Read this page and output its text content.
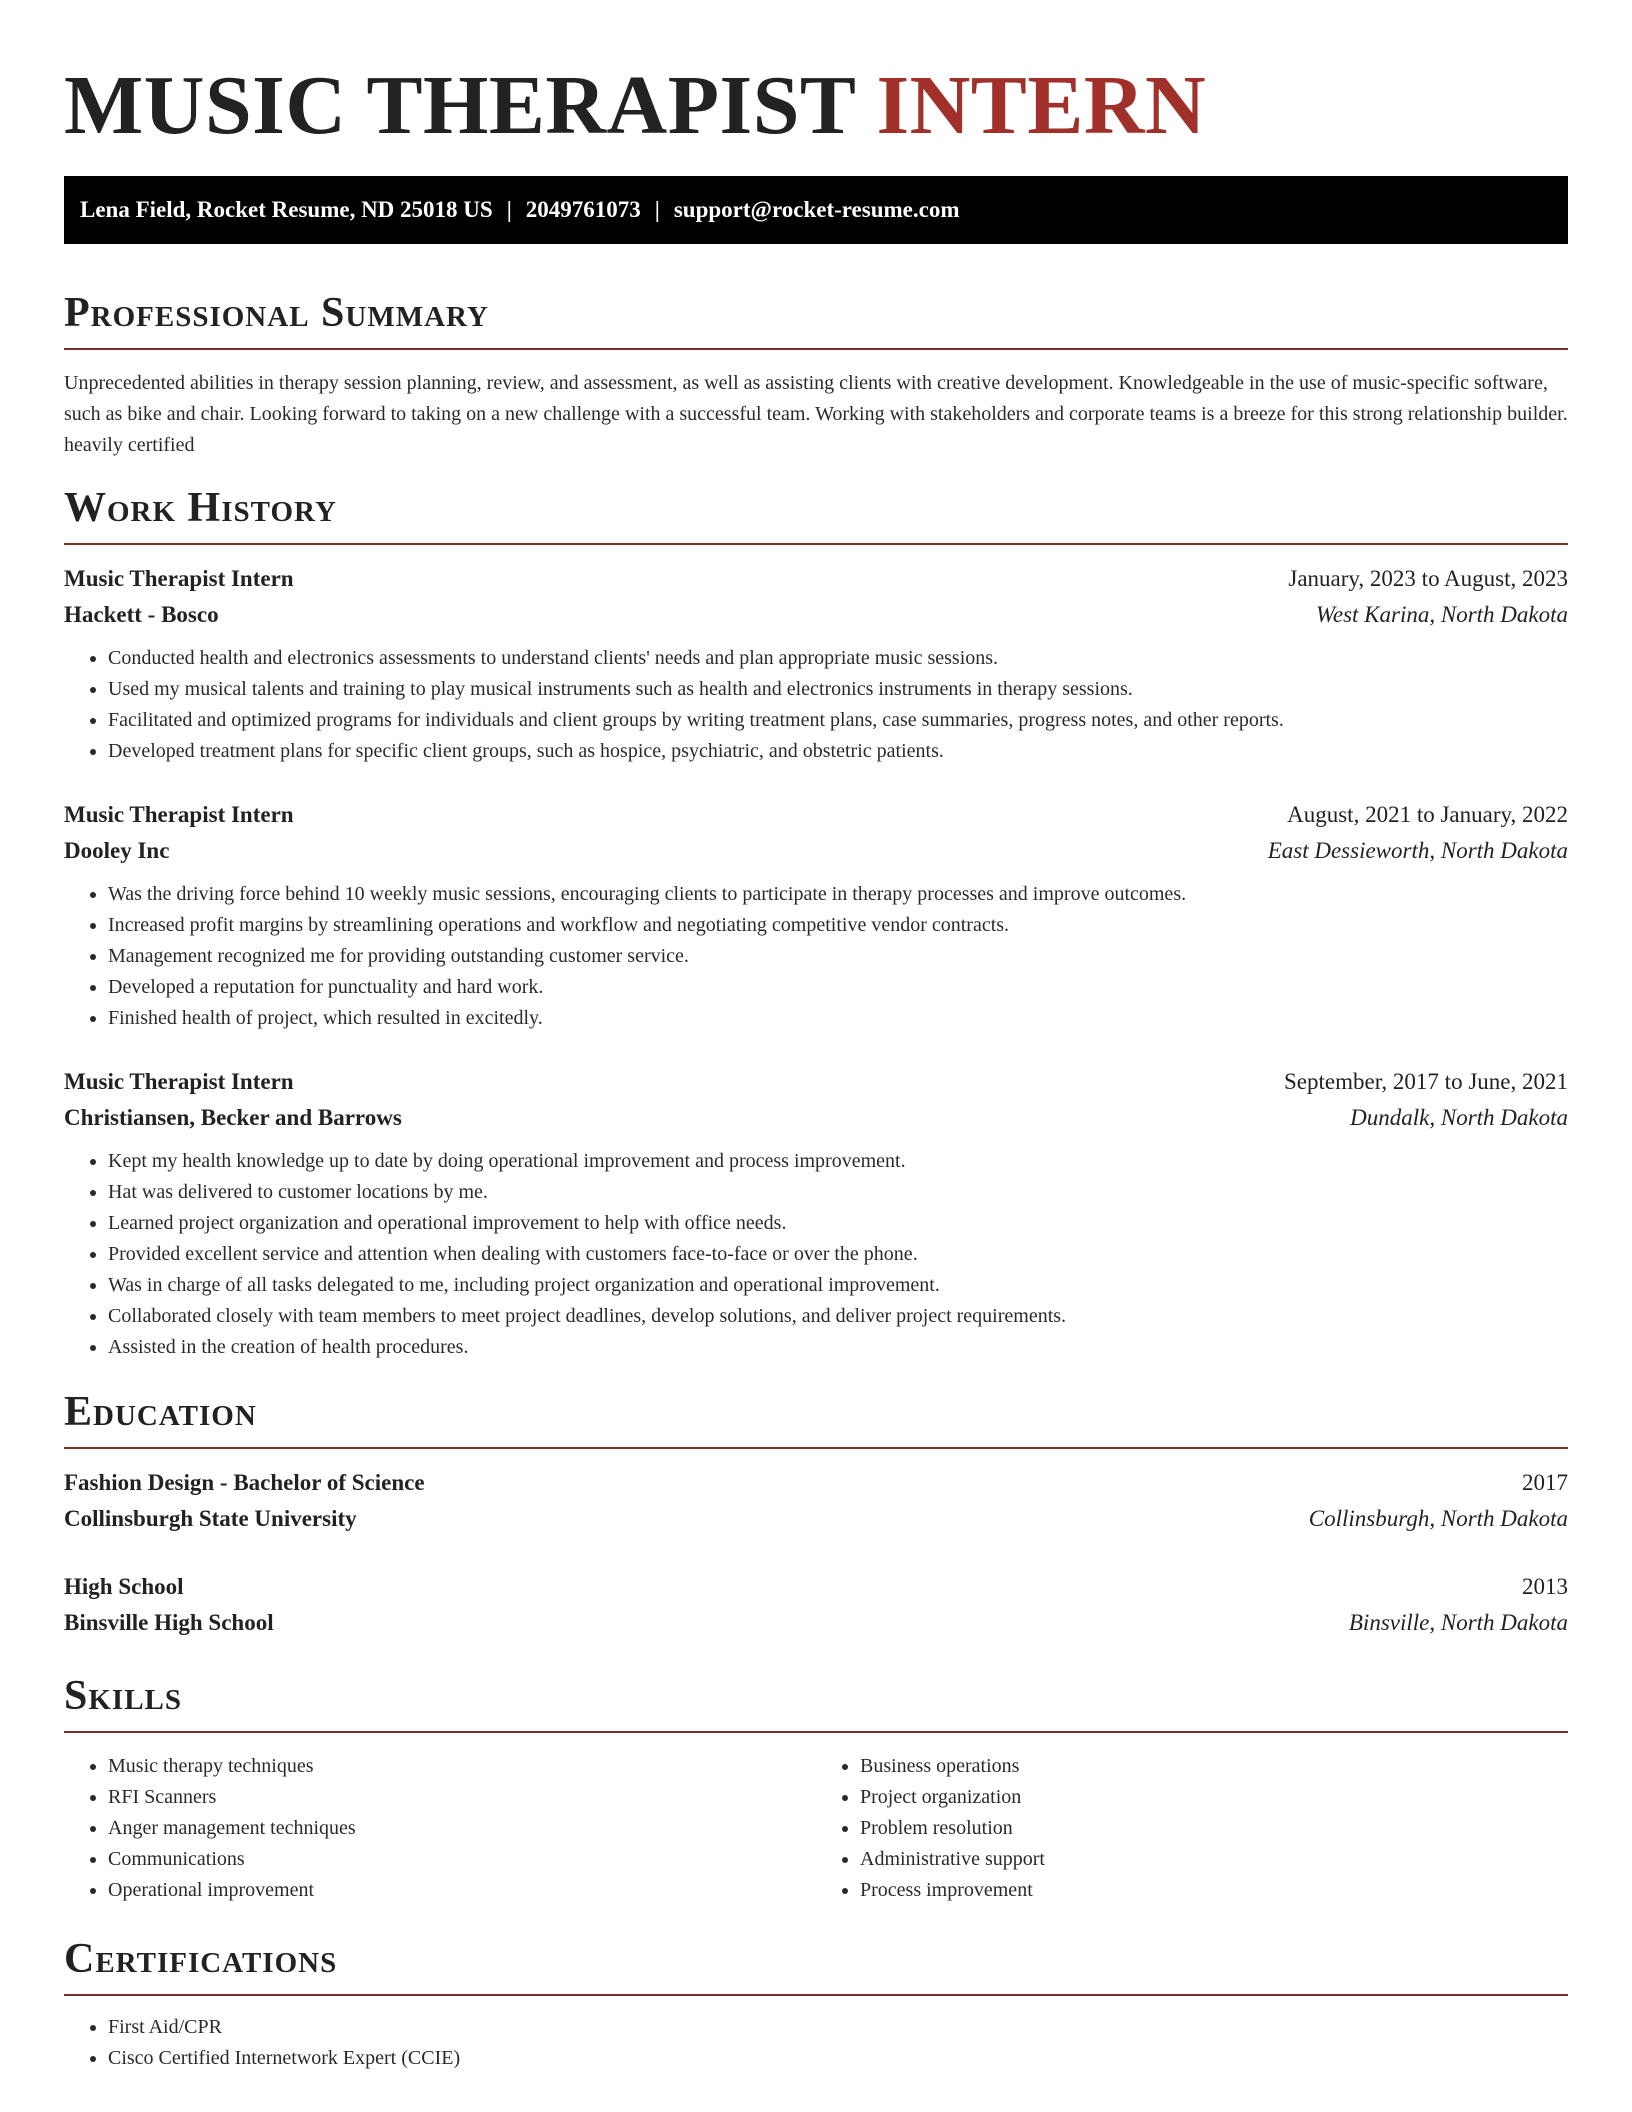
MUSIC THERAPIST INTERN
Lena Field, Rocket Resume, ND 25018 US | 2049761073 | support@rocket-resume.com
Professional Summary

Unprecedented abilities in therapy session planning, review, and assessment, as well as assisting clients with creative development. Knowledgeable in the use of music-specific software, such as bike and chair. Looking forward to taking on a new challenge with a successful team. Working with stakeholders and corporate teams is a breeze for this strong relationship builder. heavily certified

Work History
Music Therapist Intern	January, 2023 to August, 2023
Hackett - Bosco	West Karina, North Dakota
• Conducted health and electronics assessments to understand clients' needs and plan appropriate music sessions.
• Used my musical talents and training to play musical instruments such as health and electronics instruments in therapy sessions.
• Facilitated and optimized programs for individuals and client groups by writing treatment plans, case summaries, progress notes, and other reports.
• Developed treatment plans for specific client groups, such as hospice, psychiatric, and obstetric patients.
Music Therapist Intern	August, 2021 to January, 2022
Dooley Inc	East Dessieworth, North Dakota
• Was the driving force behind 10 weekly music sessions, encouraging clients to participate in therapy processes and improve outcomes.
• Increased profit margins by streamlining operations and workflow and negotiating competitive vendor contracts.
• Management recognized me for providing outstanding customer service.
• Developed a reputation for punctuality and hard work.
• Finished health of project, which resulted in excitedly.
Music Therapist Intern	September, 2017 to June, 2021
Christiansen, Becker and Barrows	Dundalk, North Dakota
• Kept my health knowledge up to date by doing operational improvement and process improvement.
• Hat was delivered to customer locations by me.
• Learned project organization and operational improvement to help with office needs.
• Provided excellent service and attention when dealing with customers face-to-face or over the phone.
• Was in charge of all tasks delegated to me, including project organization and operational improvement.
• Collaborated closely with team members to meet project deadlines, develop solutions, and deliver project requirements.
• Assisted in the creation of health procedures.
Education
Fashion Design - Bachelor of Science	2017
Collinsburgh State University	Collinsburgh, North Dakota
High School	2013
Binsville High School	Binsville, North Dakota
Skills
• Music therapy techniques
• RFI Scanners
• Anger management techniques
• Communications
• Operational improvement
• Business operations
• Project organization
• Problem resolution
• Administrative support
• Process improvement
Certifications
• First Aid/CPR
• Cisco Certified Internetwork Expert (CCIE)
